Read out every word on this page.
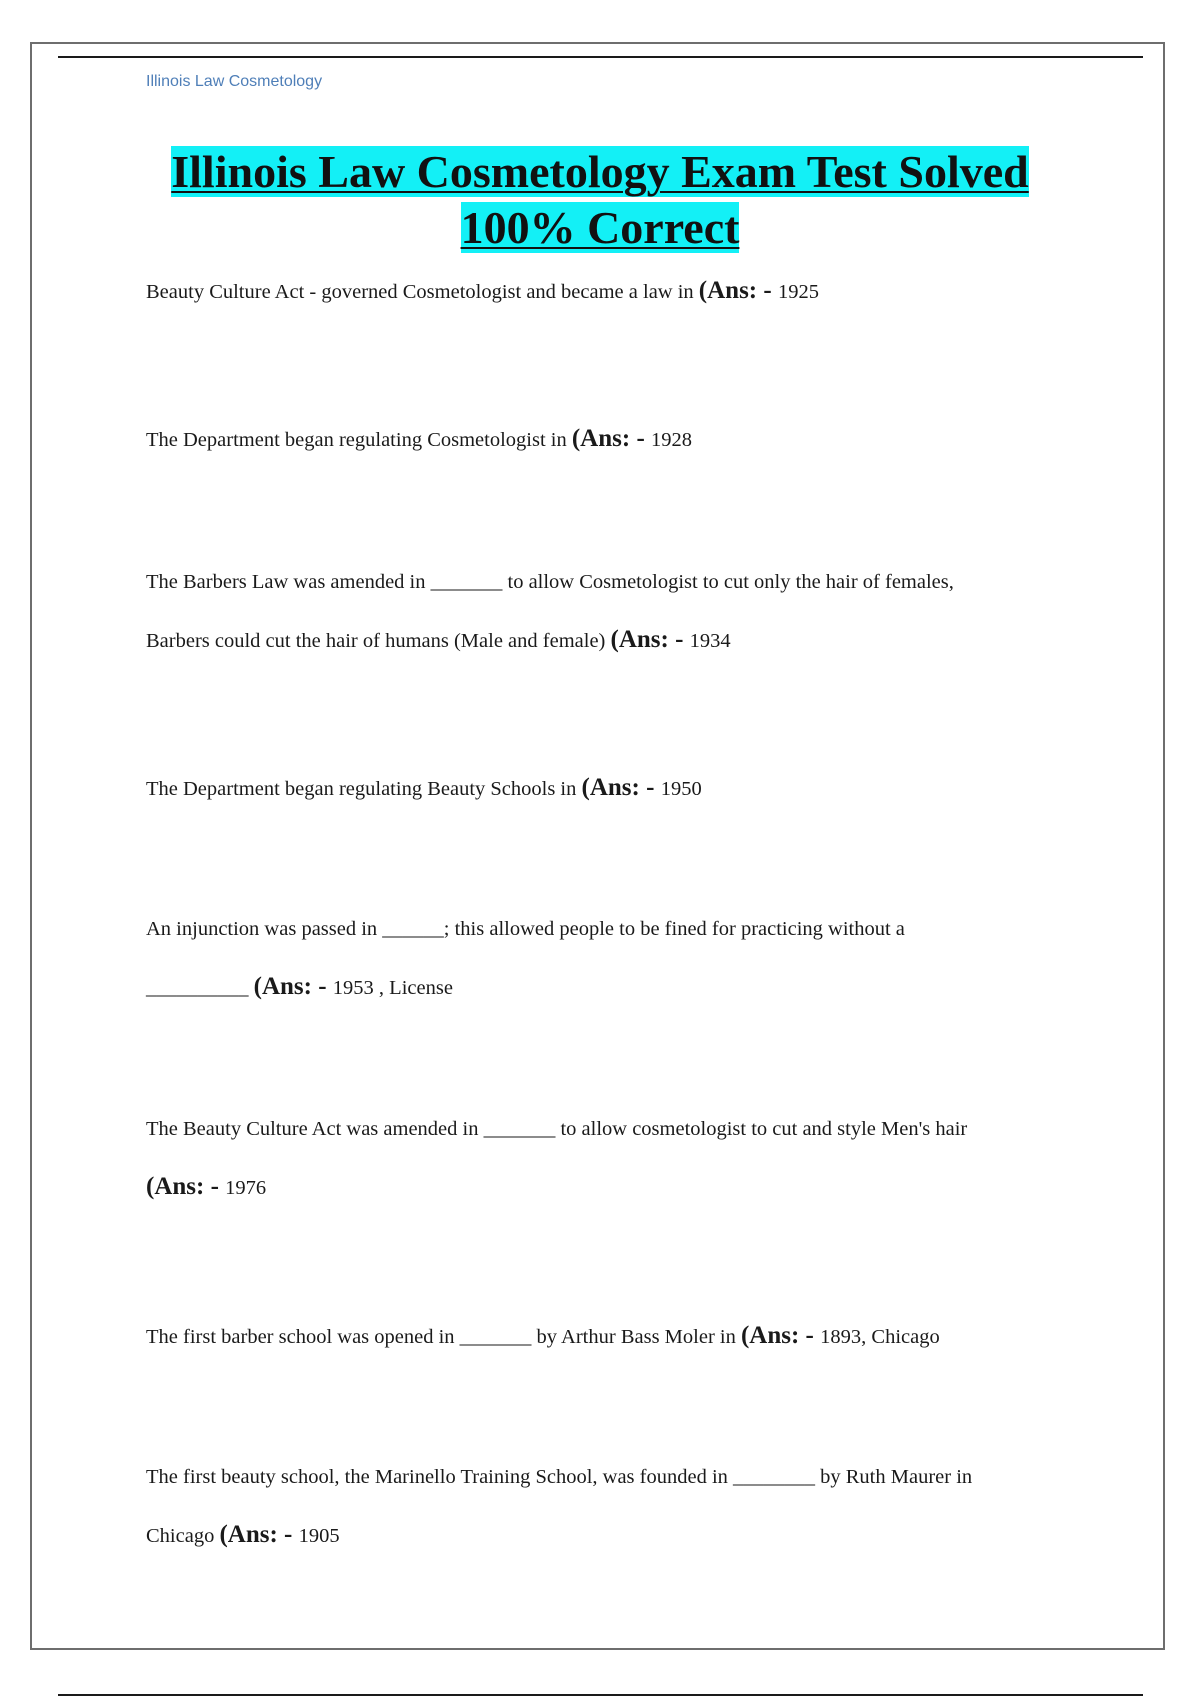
Illinois Law Cosmetology
Illinois Law Cosmetology Exam Test Solved
100% Correct
Beauty Culture Act - governed Cosmetologist and became a law in (Ans: - 1925
The Department began regulating Cosmetologist in (Ans: - 1928
The Barbers Law was amended in _______ to allow Cosmetologist to cut only the hair of females,
Barbers could cut the hair of humans (Male and female) (Ans: - 1934
The Department began regulating Beauty Schools in (Ans: - 1950
An injunction was passed in ______; this allowed people to be fined for practicing without a
__________ (Ans: - 1953 , License
The Beauty Culture Act was amended in _______ to allow cosmetologist to cut and style Men's hair
(Ans: - 1976
The first barber school was opened in _______ by Arthur Bass Moler in (Ans: - 1893, Chicago
The first beauty school, the Marinello Training School, was founded in ________ by Ruth Maurer in
Chicago (Ans: - 1905
